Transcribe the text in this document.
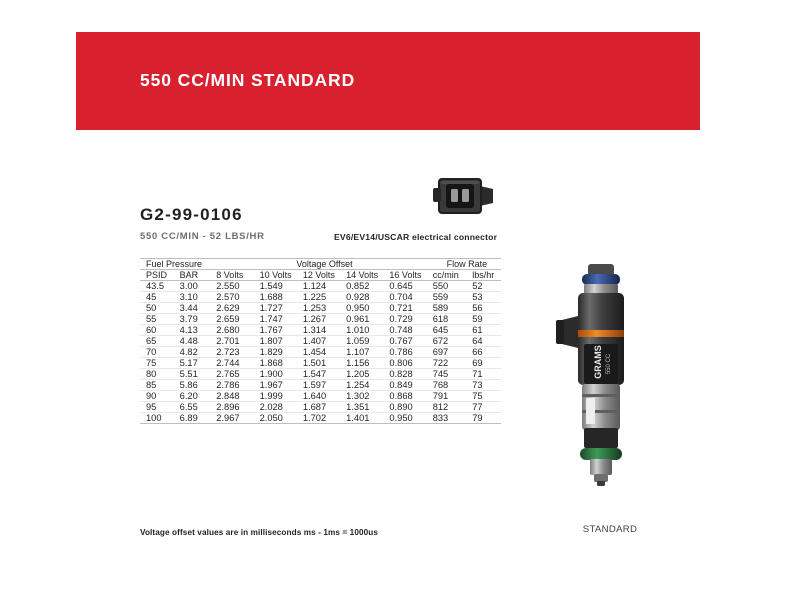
550 CC/MIN STANDARD
G2-99-0106
550 CC/MIN - 52 LBS/HR	EV6/EV14/USCAR electrical connector
Fuel Pressure		Voltage Offset					Flow Rate	
PSID	BAR	8 Volts	10 Volts	12 Volts	14 Volts	16 Volts	cc/min	lbs/hr
43.5	3.00	2.550	1.549	1.124	0.852	0.645	550	52
45	3.10	2.570	1.688	1.225	0.928	0.704	559	53
50	3.44	2.629	1.727	1.253	0.950	0.721	589	56
55	3.79	2.659	1.747	1.267	0.961	0.729	618	59
60	4.13	2.680	1.767	1.314	1.010	0.748	645	61
65	4.48	2.701	1.807	1.407	1.059	0.767	672	64
70	4.82	2.723	1.829	1.454	1.107	0.786	697	66
75	5.17	2.744	1.868	1.501	1.156	0.806	722	69
80	5.51	2.765	1.900	1.547	1.205	0.828	745	71
85	5.86	2.786	1.967	1.597	1.254	0.849	768	73
90	6.20	2.848	1.999	1.640	1.302	0.868	791	75
95	6.55	2.896	2.028	1.687	1.351	0.890	812	77
100	6.89	2.967	2.050	1.702	1.401	0.950	833	79
Voltage offset values are in milliseconds ms - 1ms = 1000us
GRAMS 550 CC
STANDARD
